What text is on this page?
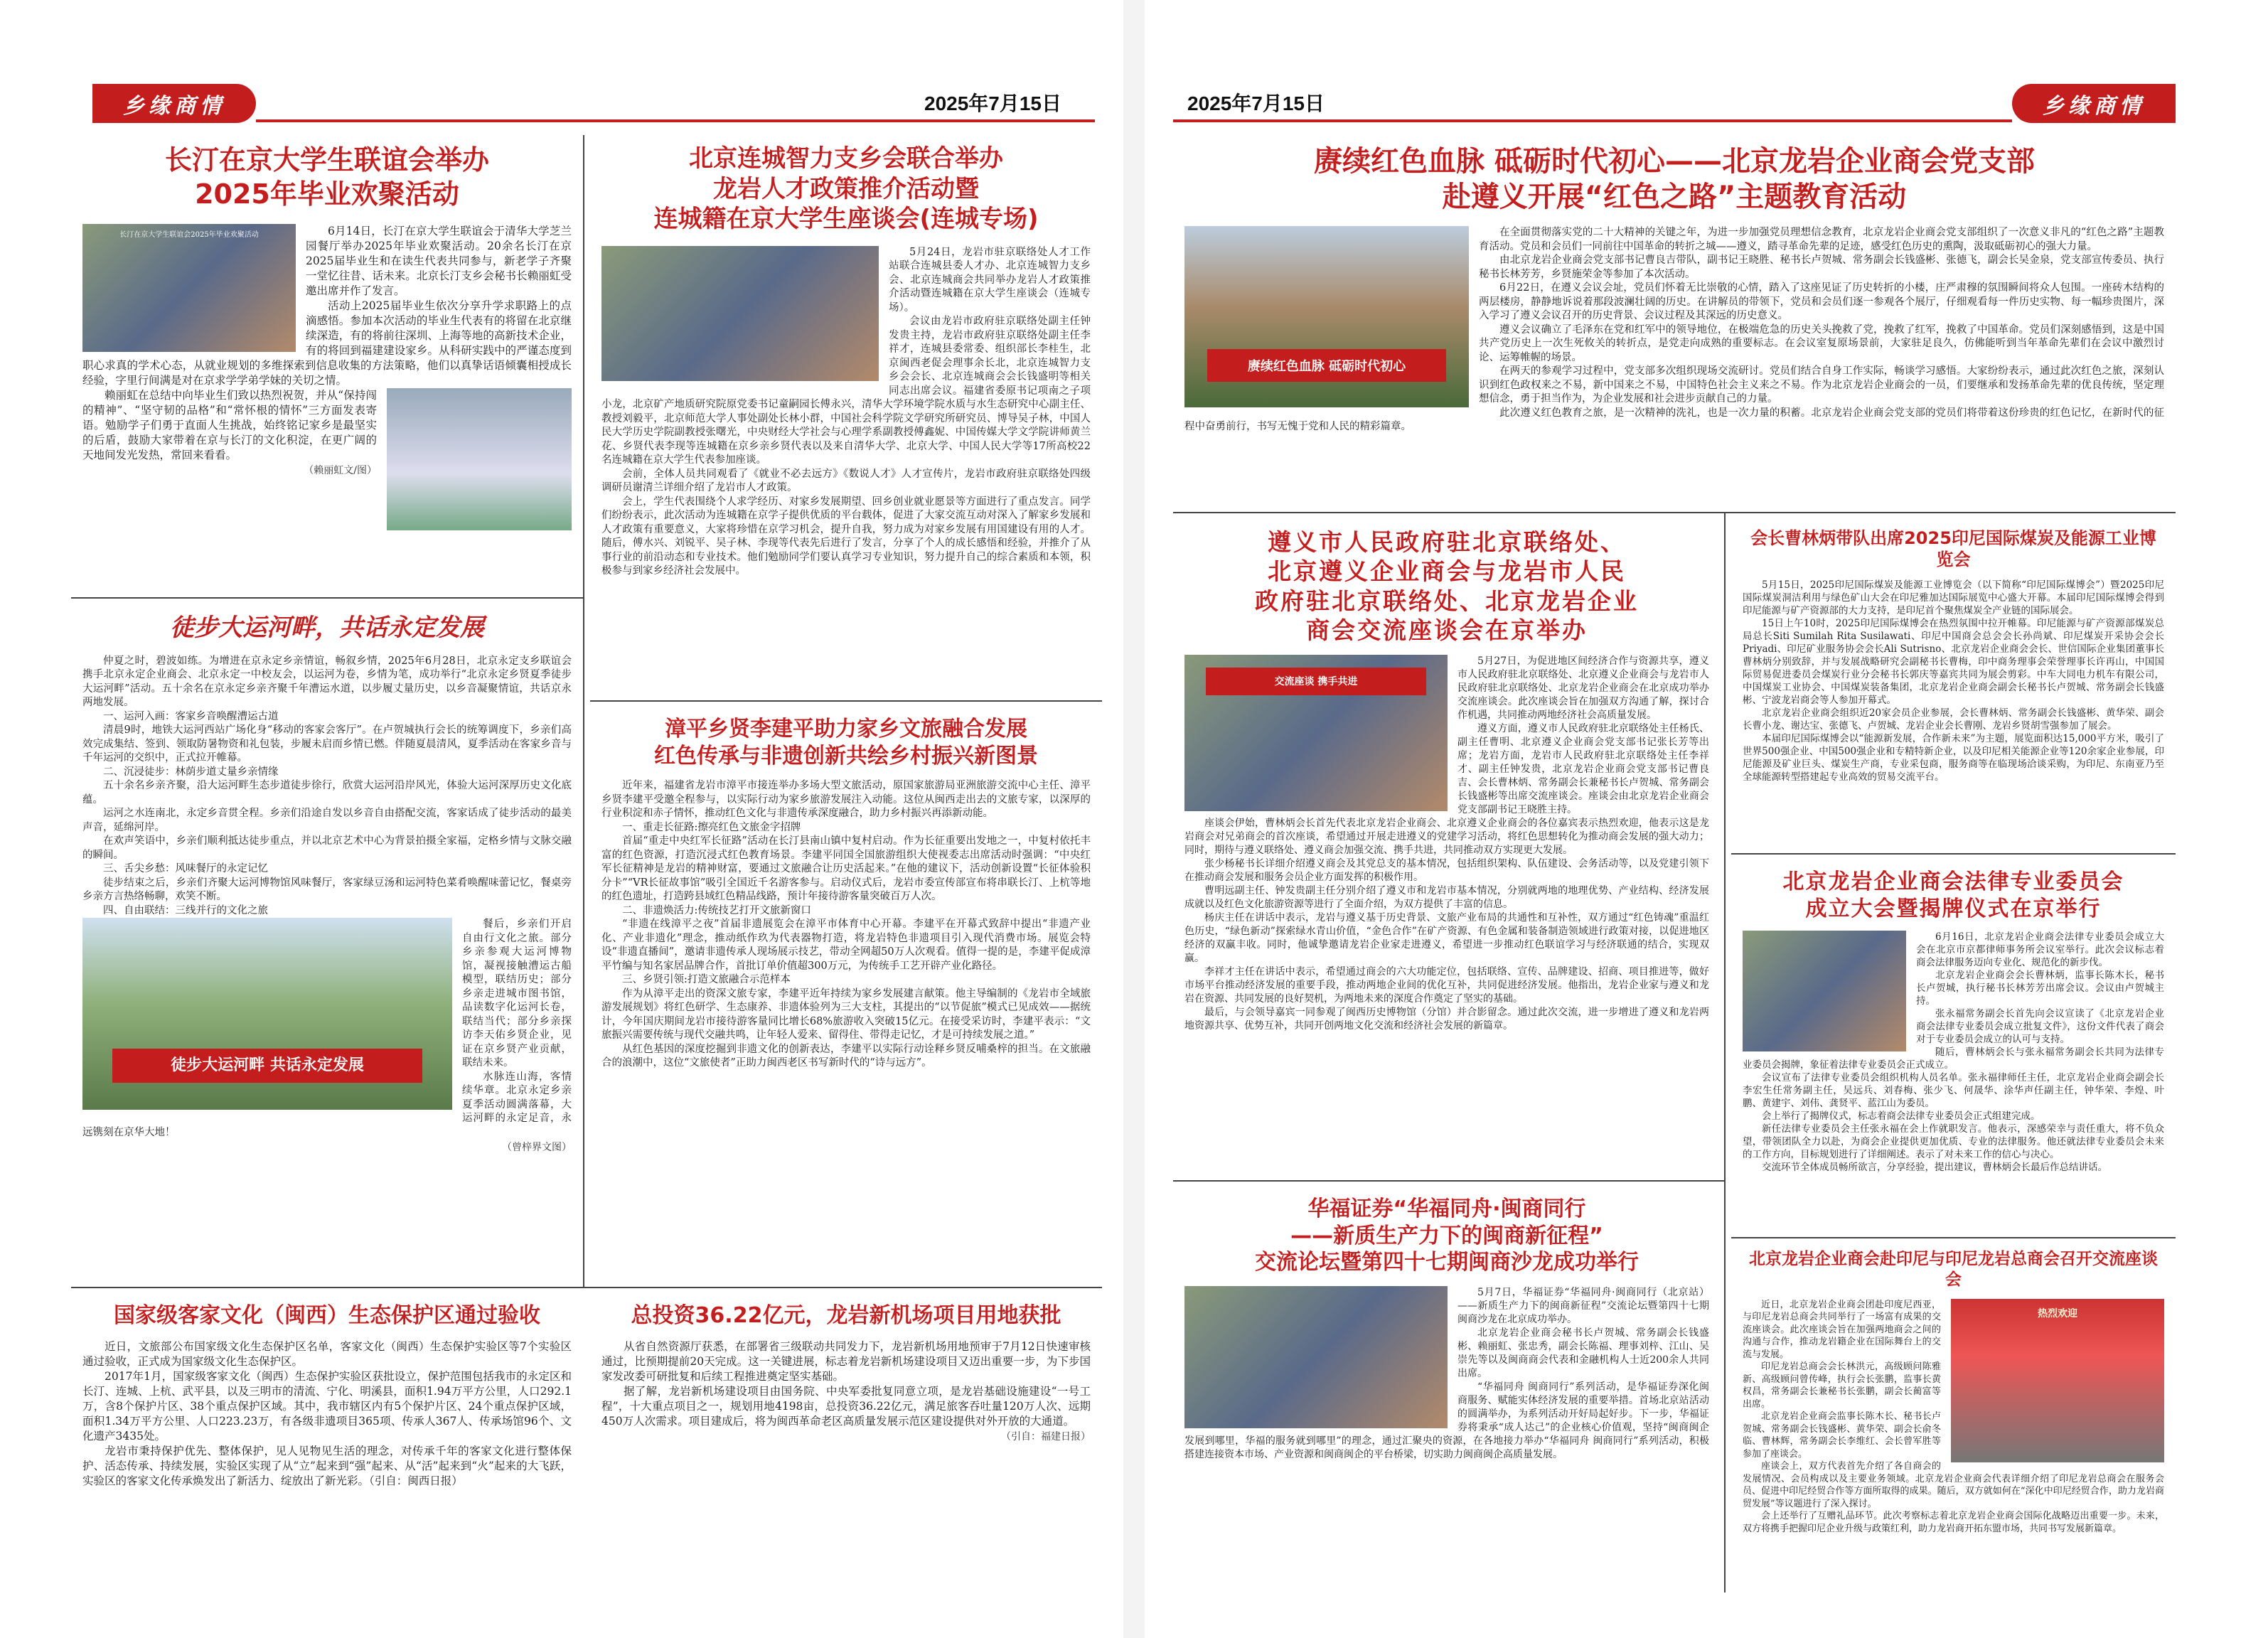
乡缘商情	2025年7月15日
长汀在京大学生联谊会举办
2025年毕业欢聚活动
长汀在京大学生联谊会2025年毕业欢聚活动	6月14日，长汀在京大学生联谊会于清华大学芝兰园餐厅举办2025年毕业欢聚活动。20余名长汀在京2025届毕业生和在读生代表共同参与，新老学子齐聚一堂忆往昔、话未来。北京长汀支乡会秘书长赖丽虹受邀出席并作了发言。

活动上2025届毕业生依次分享升学求职路上的点滴感悟。参加本次活动的毕业生代表有的将留在北京继续深造，有的将前往深圳、上海等地的高新技术企业，有的将回到福建建设家乡。从科研实践中的严谨态度到职心求真的学术心态，从就业规划的多维探索到信息收集的方法策略，他们以真挚话语倾囊相授成长经验，字里行间满是对在京求学学弟学妹的关切之情。

赖丽虹在总结中向毕业生们致以热烈祝贺，并从“保持闯的精神”、“坚守韧的品格”和“常怀根的情怀”三方面发表寄语。勉励学子们勇于直面人生挑战，始终铭记家乡是最坚实的后盾，鼓励大家带着在京与长汀的文化积淀，在更广阔的天地间发光发热，常回来看看。

（赖丽虹文/图）
徒步大运河畔，共话永定发展

仲夏之时，碧波如练。为增进在京永定乡亲情谊，畅叙乡情，2025年6月28日，北京永定支乡联谊会携手北京永定企业商会、北京永定一中校友会，以运河为卷，乡情为笔，成功举行“北京永定乡贤夏季徒步大运河畔”活动。五十余名在京永定乡亲齐聚千年漕运水道，以步履丈量历史，以乡音凝聚情谊，共话京永两地发展。

一、运河入画：客家乡音唤醒漕运古道

清晨9时，地铁大运河西站广场化身“移动的客家会客厅”。在卢贺城执行会长的统筹调度下，乡亲们高效完成集结、签到、领取防暑物资和礼包装，步履未启而乡情已燃。伴随夏晨清风，夏季活动在客家乡音与千年运河的交织中，正式拉开帷幕。

二、沉浸徒步：林荫步道丈量乡亲情缘

五十余名乡亲齐聚，沿大运河畔生态步道徒步徐行，欣赏大运河沿岸风光，体验大运河深厚历史文化底蕴。

运河之水连南北，永定乡音贯全程。乡亲们沿途自发以乡音自由搭配交流，客家话成了徒步活动的最美声音，延绵河岸。

在欢声笑语中，乡亲们顺利抵达徒步重点，并以北京艺术中心为背景拍摄全家福，定格乡情与文脉交融的瞬间。

三、舌尖乡愁：风味餐厅的永定记忆

徒步结束之后，乡亲们齐聚大运河博物馆风味餐厅，客家绿豆汤和运河特色菜肴唤醒味蕾记忆，餐桌旁乡亲方言热络畅聊，欢笑不断。

四、自由联结：三线并行的文化之旅

徒步大运河畔 共话永定发展

餐后，乡亲们开启自由行文化之旅。部分乡亲参观大运河博物馆，凝视接触漕运古船模型，联结历史；部分乡亲走进城市图书馆，品读数字化运河长卷，联结当代；部分乡亲探访李天佑乡贤企业，见证在京乡贤产业贡献，联结未来。

水脉连山海，客情续华章。北京永定乡亲夏季活动圆满落幕，大运河畔的永定足音，永远镌刻在京华大地！

（曾梓界文图）
北京连城智力支乡会联合举办
龙岩人才政策推介活动暨
连城籍在京大学生座谈会(连城专场)

5月24日，龙岩市驻京联络处人才工作站联合连城县委人才办、北京连城智力支乡会、北京连城商会共同举办龙岩人才政策推介活动暨连城籍在京大学生座谈会（连城专场）。

会议由龙岩市政府驻京联络处副主任钟发贵主持，龙岩市政府驻京联络处副主任李祥才，连城县委常委、组织部长李桂生，北京闽西老促会理事余长北，北京连城智力支乡会会长、北京连城商会会长钱盛明等相关同志出席会议。福建省委原书记项南之子项小龙，北京矿产地质研究院原党委书记童嗣园长傅永兴，清华大学环境学院水质与水生态研究中心副主任、教授刘毅平，北京师范大学人事处副处长林小群，中国社会科学院文学研究所研究员、博导吴子林，中国人民大学历史学院副教授张曙光，中央财经大学社会与心理学系副教授傅鑫妮、中国传媒大学文学院讲师黄兰花、乡贤代表李现等连城籍在京乡亲乡贤代表以及来自清华大学、北京大学、中国人民大学等17所高校22名连城籍在京大学生代表参加座谈。

会前，全体人员共同观看了《就业不必去远方》《数说人才》人才宣传片，龙岩市政府驻京联络处四级调研员谢清兰详细介绍了龙岩市人才政策。

会上，学生代表围绕个人求学经历、对家乡发展期望、回乡创业就业愿景等方面进行了重点发言。同学们纷纷表示，此次活动为连城籍在京学子提供优质的平台载体，促进了大家交流互动对深入了解家乡发展和人才政策有重要意义，大家将珍惜在京学习机会，提升自我，努力成为对家乡发展有用国建设有用的人才。随后，傅水兴、刘锐平、吴子林、李现等代表先后进行了发言，分享了个人的成长感悟和经验，并推介了从事行业的前沿动态和专业技术。他们勉励同学们要认真学习专业知识，努力提升自己的综合素质和本领，积极参与到家乡经济社会发展中。

漳平乡贤李建平助力家乡文旅融合发展
红色传承与非遗创新共绘乡村振兴新图景

近年来，福建省龙岩市漳平市接连举办多场大型文旅活动，原国家旅游局亚洲旅游交流中心主任、漳平乡贤李建平受邀全程参与，以实际行动为家乡旅游发展注入动能。这位从闽西走出去的文旅专家，以深厚的行业积淀和赤子情怀，推动红色文化与非遗传承深度融合，助力乡村振兴再添新动能。

一、重走长征路:擦亮红色文旅金字招牌

首届“重走中央红军长征路”活动在长汀县南山镇中复村启动。作为长征重要出发地之一，中复村依托丰富的红色资源，打造沉浸式红色教育场景。李建平同国全国旅游组织大使视委志出席活动时强调：“中央红军长征精神是龙岩的精神财富，要通过文旅融合让历史活起来。”在他的建议下，活动创新设置“长征体验积分卡”“VR长征故事馆”吸引全国近千名游客参与。启动仪式后，龙岩市委宣传部宣布将串联长汀、上杭等地的红色遗址，打造跨县域红色精品线路，预计年接待游客量突破百万人次。

二、非遗焕活力:传统技艺打开文旅新窗口

“非遗在线漳平之夜”首届非遗展览会在漳平市体育中心开幕。李建平在开幕式致辞中提出“非遗产业化、产业非遗化”理念，推动纸作玖为代表器物打造，将龙岩特色非遗项目引入现代消费市场。展览会特设“非遗直播间”，邀请非遗传承人现场展示技艺，带动全网超50万人次观看。值得一提的是，李建平促成漳平竹编与知名家居品牌合作，首批订单价值超300万元，为传统手工艺开辟产业化路径。

三、乡贤引领:打造文旅融合示范样本

作为从漳平走出的资深文旅专家，李建平近年持续为家乡发展建言献策。他主导编制的《龙岩市全域旅游发展规划》将红色研学、生态康养、非遗体验列为三大支柱，其提出的“以节促旅”模式已见成效——据统计，今年国庆期间龙岩市接待游客量同比增长68%旅游收入突破15亿元。在接受采访时，李建平表示：“文旅振兴需要传统与现代交融共鸣，让年轻人爱来、留得住、带得走记忆，才是可持续发展之道。”

从红色基因的深度挖掘到非遗文化的创新表达，李建平以实际行动诠释乡贤反哺桑梓的担当。在文旅融合的浪潮中，这位“文旅使者”正助力闽西老区书写新时代的“诗与远方”。

国家级客家文化（闽西）生态保护区通过验收

近日，文旅部公布国家级文化生态保护区名单，客家文化（闽西）生态保护实验区等7个实验区通过验收，正式成为国家级文化生态保护区。

2017年1月，国家级客家文化（闽西）生态保护实验区获批设立，保护范围包括我市的永定区和长汀、连城、上杭、武平县，以及三明市的清流、宁化、明溪县，面积1.94万平方公里，人口292.1万，含8个保护片区、38个重点保护区域。其中，我市辖区内有5个保护片区、24个重点保护区域，面积1.34万平方公里、人口223.23万，有各级非遗项目365项、传承人367人、传承场馆96个、文化遗产3435处。

龙岩市秉持保护优先、整体保护，见人见物见生活的理念，对传承千年的客家文化进行整体保护、活态传承、持续发展，实验区实现了从“立”起来到“强”起来、从“活”起来到“火”起来的大飞跃，实验区的客家文化传承焕发出了新活力、绽放出了新光彩。（引自：闽西日报）

总投资36.22亿元，龙岩新机场项目用地获批

从省自然资源厅获悉，在部署省三级联动共同发力下，龙岩新机场用地预审于7月12日快速审核通过，比预期提前20天完成。这一关键进展，标志着龙岩新机场建设项目又迈出重要一步，为下步国家发改委可研批复和后续工程推进奠定坚实基础。

据了解，龙岩新机场建设项目由国务院、中央军委批复同意立项，是龙岩基础设施建设“一号工程”，十大重点项目之一，规划用地4198亩，总投资36.22亿元，满足旅客吞吐量120万人次、远期450万人次需求。项目建成后，将为闽西革命老区高质量发展示范区建设提供对外开放的大通道。

（引自：福建日报）
2025年7月15日	乡缘商情
赓续红色血脉 砥砺时代初心——北京龙岩企业商会党支部
赴遵义开展“红色之路”主题教育活动
赓续红色血脉 砥砺时代初心

在全面贯彻落实党的二十大精神的关键之年，为进一步加强党员理想信念教育，北京龙岩企业商会党支部组织了一次意义非凡的“红色之路”主题教育活动。党员和会员们一同前往中国革命的转折之城——遵义，踏寻革命先辈的足迹，感受红色历史的熏陶，汲取砥砺初心的强大力量。

由北京龙岩企业商会党支部书记曹良吉带队，副书记王晓胜、秘书长卢贺城、常务副会长钱盛彬、张德飞，副会长吴金泉，党支部宣传委员、执行秘书长林芳芳，乡贤施荣金等参加了本次活动。

6月22日，在遵义会议会址，党员们怀着无比崇敬的心情，踏入了这座见证了历史转折的小楼，庄严肃穆的氛围瞬间将众人包围。一座砖木结构的两层楼房，静静地诉说着那段波澜壮阔的历史。在讲解员的带领下，党员和会员们逐一参观各个展厅，仔细观看每一件历史实物、每一幅珍贵图片，深入学习了遵义会议召开的历史背景、会议过程及其深远的历史意义。

遵义会议确立了毛泽东在党和红军中的领导地位，在极端危急的历史关头挽救了党，挽救了红军，挽救了中国革命。党员们深刻感悟到，这是中国共产党历史上一次生死攸关的转折点，是党走向成熟的重要标志。在会议室复原场景前，大家驻足良久，仿佛能听到当年革命先辈们在会议中激烈讨论、运筹帷幄的场景。

在两天的参观学习过程中，党支部多次组织现场交流研讨。党员们结合自身工作实际，畅谈学习感悟。大家纷纷表示，通过此次红色之旅，深刻认识到红色政权来之不易，新中国来之不易，中国特色社会主义来之不易。作为北京龙岩企业商会的一员，们要继承和发扬革命先辈的优良传统，坚定理想信念，勇于担当作为，为企业发展和社会进步贡献自己的力量。

此次遵义红色教育之旅，是一次精神的洗礼，也是一次力量的积蓄。北京龙岩企业商会党支部的党员们将带着这份珍贵的红色记忆，在新时代的征程中奋勇前行，书写无愧于党和人民的精彩篇章。

遵义市人民政府驻北京联络处、
北京遵义企业商会与龙岩市人民
政府驻北京联络处、北京龙岩企业
商会交流座谈会在京举办
交流座谈 携手共进

5月27日，为促进地区间经济合作与资源共享，遵义市人民政府驻北京联络处、北京遵义企业商会与龙岩市人民政府驻北京联络处、北京龙岩企业商会在北京成功举办交流座谈会。此次座谈会旨在加强双方沟通了解，探讨合作机遇，共同推动两地经济社会高质量发展。

遵义方面，遵义市人民政府驻北京联络处主任杨氏、副主任曹明、北京遵义企业商会党支部书记张长芳等出席；龙岩方面，龙岩市人民政府驻北京联络处主任李祥才、副主任钟发贵，北京龙岩企业商会党支部书记曹良吉、会长曹林炳、常务副会长兼秘书长卢贺城、常务副会长钱盛彬等出席交流座谈会。座谈会由北京龙岩企业商会党支部副书记王晓胜主持。

座谈会伊始，曹林炳会长首先代表北京龙岩企业商会、北京遵义企业商会的各位嘉宾表示热烈欢迎，他表示这是龙岩商会对兄弟商会的首次座谈，希望通过开展走进遵义的党建学习活动，将红色思想转化为推动商会发展的强大动力；同时，期待与遵义联络处、遵义商会加强交流、携手共进，共同推动双方实现更大发展。

张少杨秘书长详细介绍遵义商会及其党总支的基本情况，包括组织架构、队伍建设、会务活动等，以及党建引领下在推动商会发展和服务会员企业方面发挥的积极作用。

曹明远副主任、钟发贵副主任分别介绍了遵义市和龙岩市基本情况，分别就两地的地理优势、产业结构、经济发展成就以及红色文化旅游资源等进行了全面介绍，为双方提供了丰富的信息。

杨庆主任在讲话中表示，龙岩与遵义基于历史背景、文旅产业布局的共通性和互补性，双方通过“红色铸魂”重温红色历史，“绿色新动”探索绿水青山价值，“金色合作”在矿产资源、有色金属和装备制造领域进行政策对接，以促进地区经济的双赢丰收。同时，他诚挚邀请龙岩企业家走进遵义，希望进一步推动红色联谊学习与经济联通的结合，实现双赢。

李祥才主任在讲话中表示，希望通过商会的六大功能定位，包括联络、宣传、品牌建设、招商、项目推进等，做好市场平台推动经济发展的重要手段，推动两地企业间的优化互补，共同促进经济发展。他指出，龙岩企业家与遵义和龙岩在资源、共同发展的良好契机，为两地未来的深度合作奠定了坚实的基础。

最后，与会领导嘉宾一同参观了闽西历史博物馆（分馆）并合影留念。通过此次交流，进一步增进了遵义和龙岩两地资源共享、优势互补，共同开创两地文化交流和经济社会发展的新篇章。

会长曹林炳带队出席2025印尼国际煤炭及能源工业博览会

5月15日，2025印尼国际煤炭及能源工业博览会（以下简称“印尼国际煤博会”）暨2025印尼国际煤炭洞洁利用与绿色矿山大会在印尼雅加达国际展览中心盛大开幕。本届印尼国际煤博会得到印尼能源与矿产资源部的大力支持，是印尼首个聚焦煤炭全产业链的国际展会。

15日上午10时，2025印尼国际煤博会在热烈氛围中拉开帷幕。印尼能源与矿产资源部煤炭总局总长Siti Sumilah Rita Susilawati、印尼中国商会总会会长孙尚斌、印尼煤炭开采协会会长Priyadi、印尼矿业服务协会会长Ali Sutrisno、北京龙岩企业商会会长、世信国际企业集团董事长曹林炳分别致辞，并与发展战略研究会副秘书长曹梅，印中商务理事会荣誉理事长许再山，中国国际贸易促进委员会煤炭行业分会秘书长郭庆等嘉宾共同为展会剪彩。中车大同电力机车有限公司，中国煤炭工业协会、中国煤炭装备集团，北京龙岩企业商会副会长秘书长卢贺城、常务副会长钱盛彬、宁波龙岩商会等人参加开幕式。

北京龙岩企业商会组织近20家会员企业参展，会长曹林炳、常务副会长钱盛彬、黄华荣、副会长曹小龙、谢达宝、张德飞、卢贺城、龙岩企业会长曹刚、龙岩乡贤胡雪强参加了展会。

本届印尼国际煤博会以“能源新发展，合作新未来”为主题，展览面积达15,000平方米，吸引了世界500强企业、中国500强企业和专精特新企业，以及印尼相关能源企业等120余家企业参展，印尼能源及矿业巨头、煤炭生产商，专业采包商，服务商等在临现场洽谈采购，为印尼、东南亚乃至全球能源转型搭建起专业高效的贸易交流平台。

北京龙岩企业商会法律专业委员会
成立大会暨揭牌仪式在京举行

6月16日，北京龙岩企业商会法律专业委员会成立大会在北京市京都律师事务所会议室举行。此次会议标志着商会法律服务迈向专业化、规范化的新步伐。

北京龙岩企业商会会长曹林炳，监事长陈木长，秘书长卢贺城，执行秘书长林芳芳出席会议。会议由卢贺城主持。

张永福常务副会长首先向会议宣读了《北京龙岩企业商会法律专业委员会成立批复文件》，这份文件代表了商会对于专业委员会成立的认可与支持。

随后，曹林炳会长与张永福常务副会长共同为法律专业委员会揭牌，象征着法律专业委员会正式成立。

会议宣布了法律专业委员会组织机构人员名单。张永福律师任主任，北京龙岩企业商会副会长李宏生任常务副主任，吴远兵、刘春梅、张少飞、何晟华、涂华声任副主任，钟华荣、李煌、叶鹏、黄建宇、刘伟、龚贤平、蓝江山为委员。

会上举行了揭牌仪式，标志着商会法律专业委员会正式组建完成。

新任法律专业委员会主任张永福在会上作就职发言。他表示，深感荣幸与责任重大，将不负众望，带领团队全力以赴，为商会企业提供更加优质、专业的法律服务。他还就法律专业委员会未来的工作方向，目标规划进行了详细阐述。表示了对未来工作的信心与决心。

交流环节全体成员畅所欲言，分享经验，提出建议，曹林炳会长最后作总结讲话。

华福证券“华福同舟·闽商同行
——新质生产力下的闽商新征程”
交流论坛暨第四十七期闽商沙龙成功举行

5月7日，华福证券“华福同舟·闽商同行（北京站）——新质生产力下的闽商新征程”交流论坛暨第四十七期闽商沙龙在北京成功举办。

北京龙岩企业商会秘书长卢贺城、常务副会长钱盛彬、赖丽虹、张忠秀，副会长陈福、理事刘梓、江山、吴崇先等以及闽商商会代表和金融机构人士近200余人共同出席。

“华福同舟 闽商同行”系列活动，是华福证券深化闽商服务、赋能实体经济发展的重要举措。首场北京站活动的圆满举办，为系列活动开好局起好步。下一步，华福证券将秉承“成人达己”的企业核心价值观，坚持“闽商闽企发展到哪里，华福的服务就到哪里”的理念，通过汇聚央的资源，在各地接力举办“华福同舟 闽商同行”系列活动，积极搭建连接资本市场、产业资源和闽商闽企的平台桥梁，切实助力闽商闽企高质量发展。

北京龙岩企业商会赴印尼与印尼龙岩总商会召开交流座谈会
热烈欢迎

近日，北京龙岩企业商会团赴印度尼西亚，与印尼龙岩总商会共同举行了一场富有成果的交流座谈会。此次座谈会旨在加强两地商会之间的沟通与合作，推动龙岩籍企业在国际舞台上的交流与发展。

印尼龙岩总商会会长林洪元，高级顾问陈雅新、高级顾问曾传峰，执行会长张鹏，监事长黄权昌，常务副会长兼秘书长张鹏，副会长蔺富等出席。

北京龙岩企业商会监事长陈木长、秘书长卢贺城、常务副会长钱盛彬、黄华荣、副会长俞冬临、曹林辉，常务副会长李维红、会长曾军胜等参加了座谈会。

座谈会上，双方代表首先介绍了各自商会的发展情况、会员构成以及主要业务领域。北京龙岩企业商会代表详细介绍了印尼龙岩总商会在服务会员、促进中印尼经贸合作等方面所取得的成果。随后，双方就如何在“深化中印尼经贸合作，助力龙岩商贸发展”等议题进行了深入探讨。

会上还举行了互赠礼品环节。此次考察标志着北京龙岩企业商会国际化战略迈出重要一步。未来，双方将携手把握印尼企业升级与政策红利，助力龙岩商开拓东盟市场，共同书写发展新篇章。
